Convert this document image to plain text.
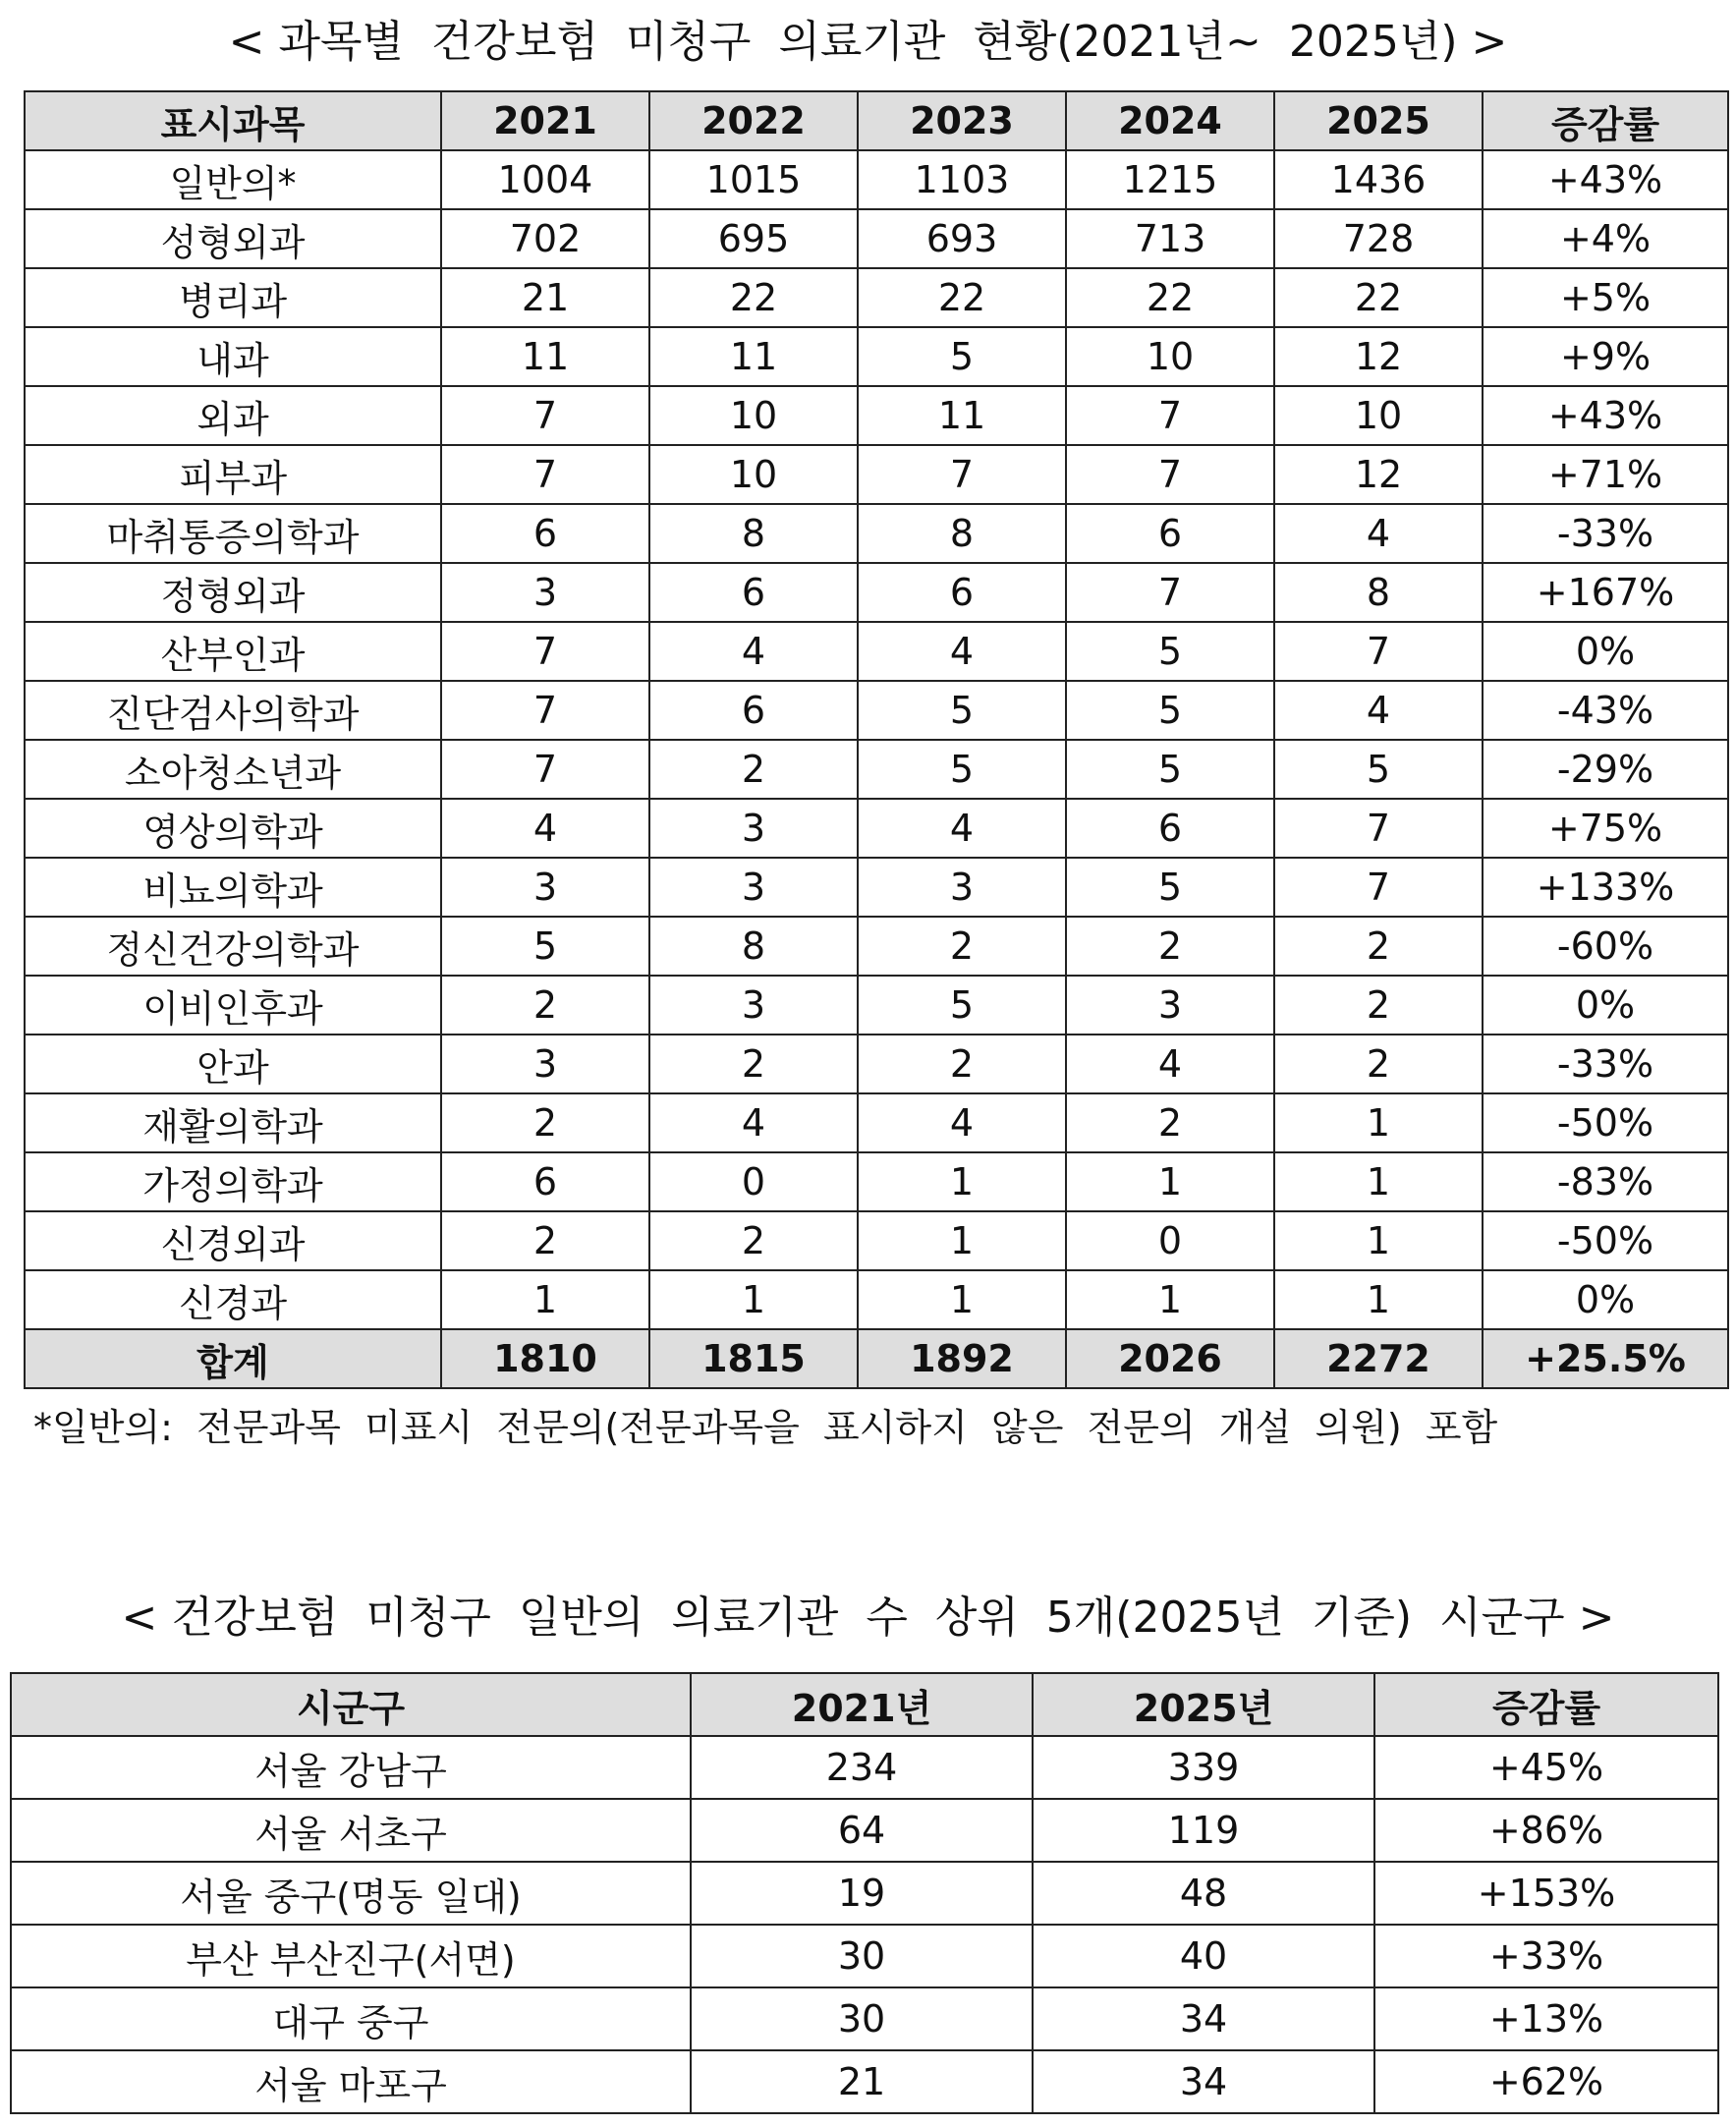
< 과목별  건강보험  미청구  의료기관  현황(2021년~  2025년) >
표시과목	2021	2022	2023	2024	2025	증감률
일반의*	1004	1015	1103	1215	1436	+43%
성형외과	702	695	693	713	728	+4%
병리과	21	22	22	22	22	+5%
내과	11	11	5	10	12	+9%
외과	7	10	11	7	10	+43%
피부과	7	10	7	7	12	+71%
마취통증의학과	6	8	8	6	4	-33%
정형외과	3	6	6	7	8	+167%
산부인과	7	4	4	5	7	0%
진단검사의학과	7	6	5	5	4	-43%
소아청소년과	7	2	5	5	5	-29%
영상의학과	4	3	4	6	7	+75%
비뇨의학과	3	3	3	5	7	+133%
정신건강의학과	5	8	2	2	2	-60%
이비인후과	2	3	5	3	2	0%
안과	3	2	2	4	2	-33%
재활의학과	2	4	4	2	1	-50%
가정의학과	6	0	1	1	1	-83%
신경외과	2	2	1	0	1	-50%
신경과	1	1	1	1	1	0%
합계	1810	1815	1892	2026	2272	+25.5%
*일반의:  전문과목  미표시  전문의(전문과목을  표시하지  않은  전문의  개설  의원)  포함
< 건강보험  미청구  일반의  의료기관  수  상위  5개(2025년  기준)  시군구 >
시군구	2021년	2025년	증감률
서울 강남구	234	339	+45%
서울 서초구	64	119	+86%
서울 중구(명동 일대)	19	48	+153%
부산 부산진구(서면)	30	40	+33%
대구 중구	30	34	+13%
서울 마포구	21	34	+62%
